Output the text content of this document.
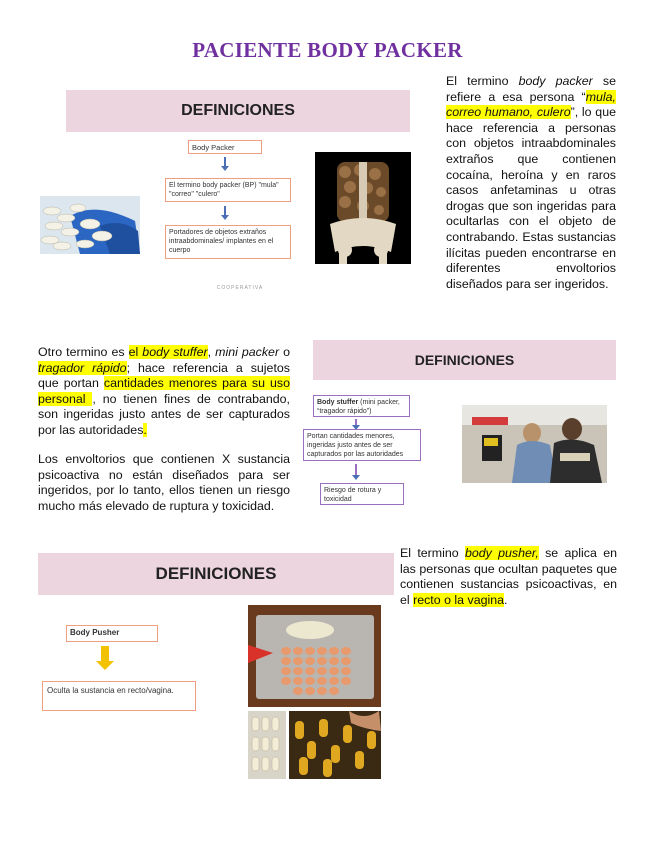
PACIENTE BODY PACKER
DEFINICIONES
Body Packer
El termino body packer (BP) "mula" "correo" "culero"
Portadores de objetos extraños intraabdominales/ implantes en el cuerpo
COOPERATIVA
El termino body packer se refiere a esa persona “mula, correo humano, culero”, lo que hace referencia a personas con objetos intraabdominales extraños que contienen cocaína, heroína y en raros casos anfetaminas u otras drogas que son ingeridas para ocultarlas con el objeto de contrabando. Estas sustancias ilícitas pueden encontrarse en diferentes envoltorios diseñados para ser ingeridos.
Otro termino es el body stuffer, mini packer o tragador rápido; hace referencia a sujetos que portan cantidades menores para su uso personal , no tienen fines de contrabando, son ingeridas justo antes de ser capturados por las autoridades.
Los envoltorios que contienen X sustancia psicoactiva no están diseñados para ser ingeridos, por lo tanto, ellos tienen un riesgo mucho más elevado de ruptura y toxicidad.
DEFINICIONES
Body stuffer (mini packer, “tragador rápido”)
Portan cantidades menores, ingeridas justo antes de ser capturados por las autoridades
Riesgo de rotura y toxicidad
DEFINICIONES
El termino body pusher, se aplica en las personas que ocultan paquetes que contienen sustancias psicoactivas, en el recto o la vagina.
Body Pusher
Oculta la sustancia en recto/vagina.
